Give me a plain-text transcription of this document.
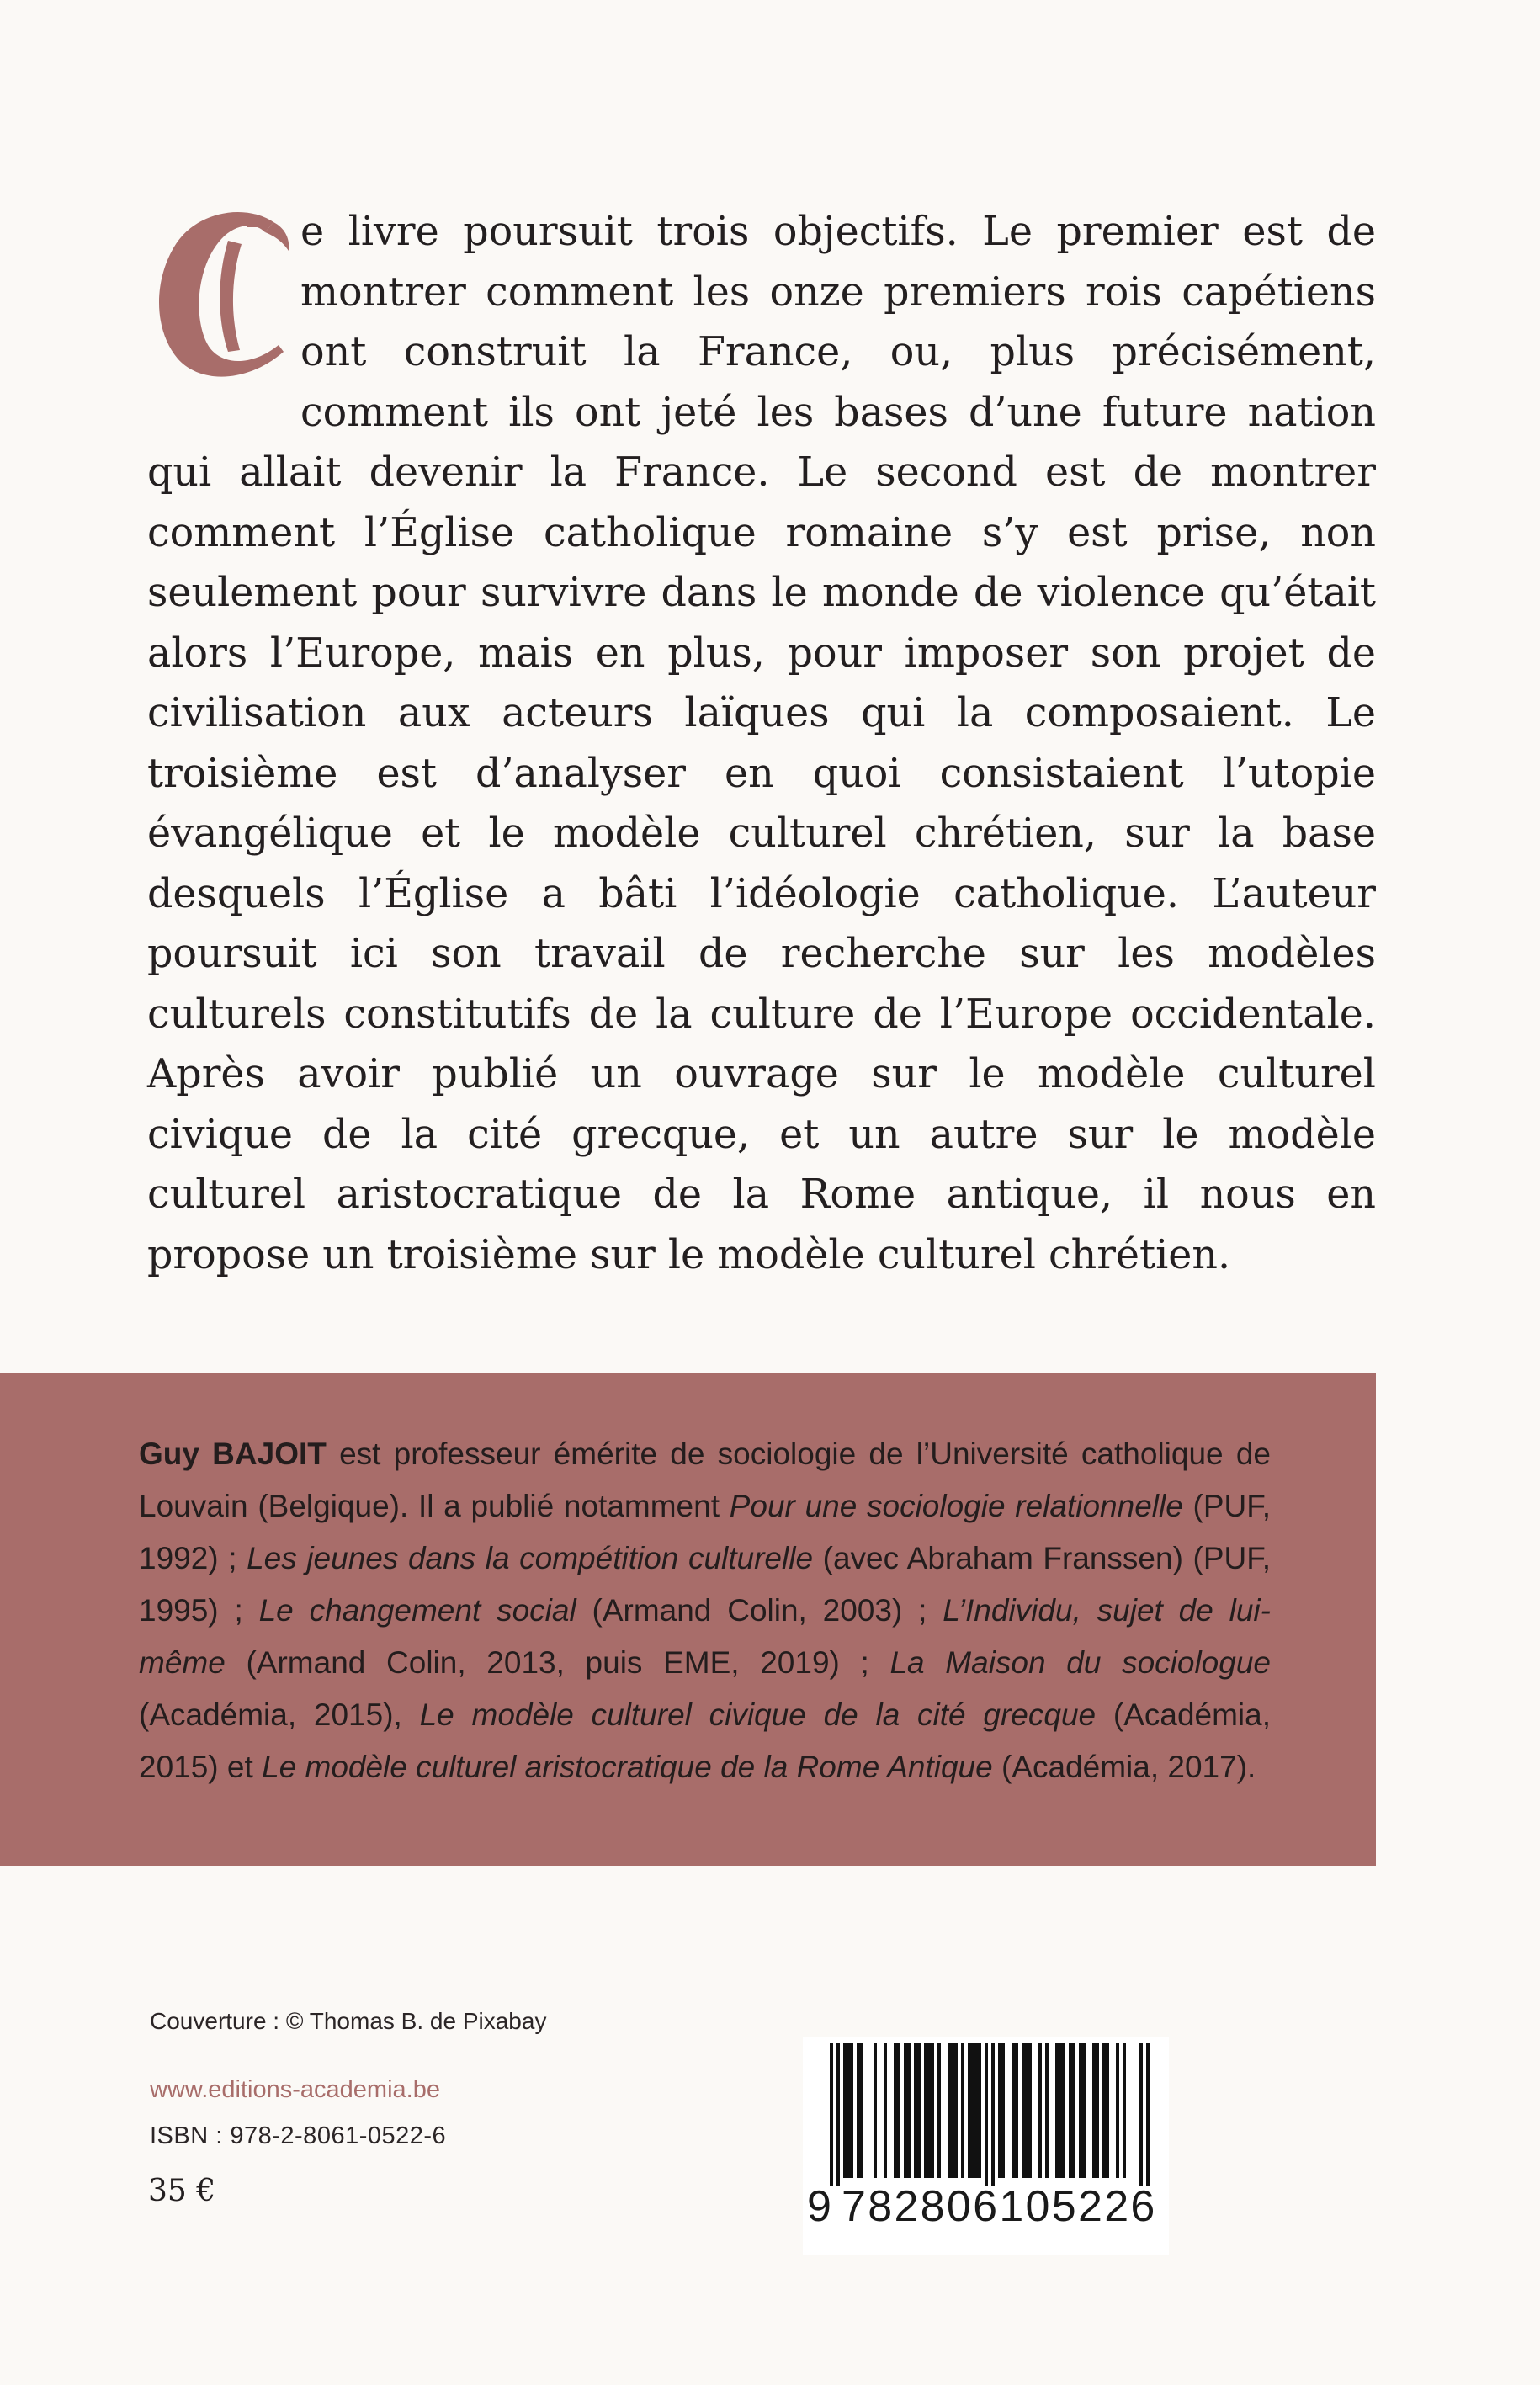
e livre poursuit trois objectifs. Le premier est de montrer comment les onze premiers rois capétiens ont construit la France, ou, plus précisément, comment ils ont jeté les bases d’une future nation qui allait devenir la France. Le second est de montrer comment l’Église catholique romaine s’y est prise, non seulement pour survivre dans le monde de violence qu’était alors l’Europe, mais en plus, pour imposer son projet de civilisation aux acteurs laïques qui la composaient. Le troisième est d’analyser en quoi consistaient l’utopie évangélique et le modèle culturel chrétien, sur la base desquels l’Église a bâti l’idéologie catholique. L’auteur poursuit ici son travail de recherche sur les modèles culturels constitutifs de la culture de l’Europe occidentale. Après avoir publié un ouvrage sur le modèle culturel civique de la cité grecque, et un autre sur le modèle culturel aristocratique de la Rome antique, il nous en propose un troisième sur le modèle culturel chrétien.
Guy BAJOIT est professeur émérite de sociologie de l’Université catholique de Louvain (Belgique). Il a publié notamment Pour une sociologie relationnelle (PUF, 1992) ; Les jeunes dans la compétition culturelle (avec Abraham Franssen) (PUF, 1995) ; Le changement social (Armand Colin, 2003) ; L’Individu, sujet de lui-même (Armand Colin, 2013, puis EME, 2019) ; La Maison du sociologue (Académia, 2015), Le modèle culturel civique de la cité grecque (Académia, 2015) et Le modèle culturel aristocratique de la Rome Antique (Académia, 2017).
Couverture : © Thomas B. de Pixabay
www.editions-academia.be
ISBN : 978-2-8061-0522-6
35 €	9 782806105226
